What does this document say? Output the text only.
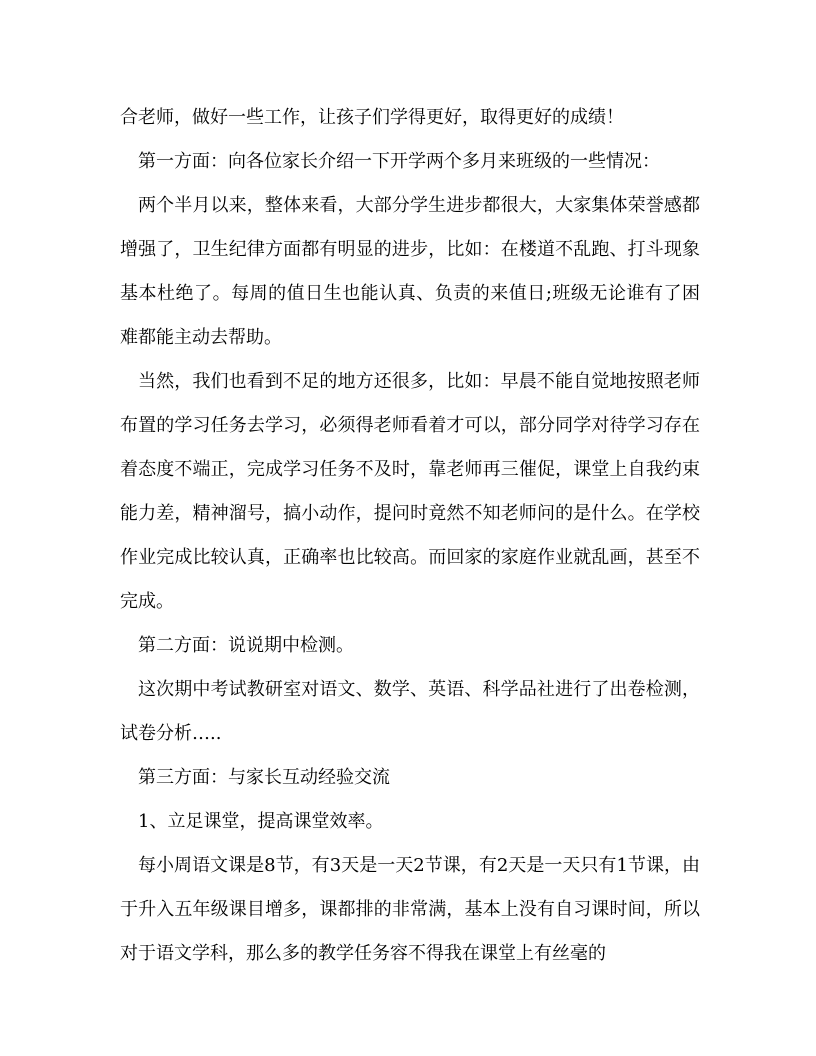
合老师，做好一些工作，让孩子们学得更好，取得更好的成绩！

第一方面：向各位家长介绍一下开学两个多月来班级的一些情况：

两个半月以来，整体来看，大部分学生进步都很大，大家集体荣誉感都增强了，卫生纪律方面都有明显的进步，比如：在楼道不乱跑、打斗现象基本杜绝了。每周的值日生也能认真、负责的来值日;班级无论谁有了困难都能主动去帮助。

当然，我们也看到不足的地方还很多，比如：早晨不能自觉地按照老师布置的学习任务去学习，必须得老师看着才可以，部分同学对待学习存在着态度不端正，完成学习任务不及时，靠老师再三催促，课堂上自我约束能力差，精神溜号，搞小动作，提问时竟然不知老师问的是什么。在学校作业完成比较认真，正确率也比较高。而回家的家庭作业就乱画，甚至不完成。

第二方面：说说期中检测。

这次期中考试教研室对语文、数学、英语、科学品社进行了出卷检测，试卷分析…..

第三方面：与家长互动经验交流

1、立足课堂，提高课堂效率。

每小周语文课是8节，有3天是一天2节课，有2天是一天只有1节课，由于升入五年级课目增多，课都排的非常满，基本上没有自习课时间，所以对于语文学科，那么多的教学任务容不得我在课堂上有丝毫的
